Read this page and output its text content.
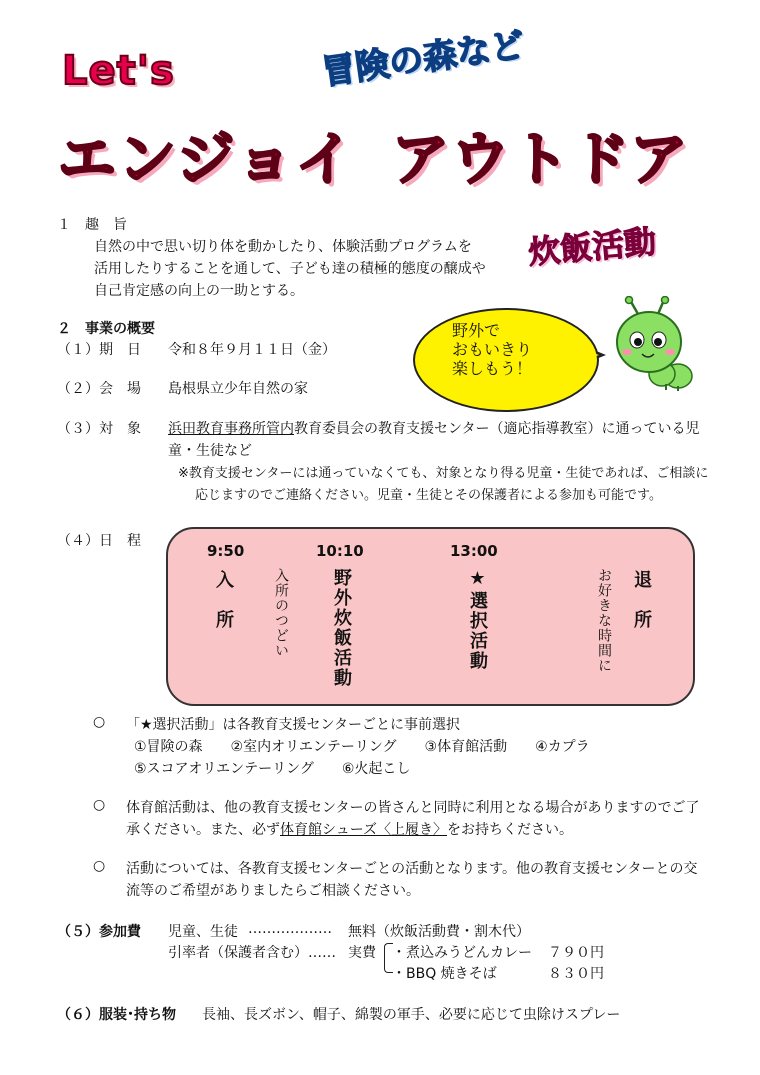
Let's	冒険の森など
エンジョイ アウトドア
炊飯活動
１　趣　旨
自然の中で思い切り体を動かしたり、体験活動プログラムを
活用したりすることを通して、子ども達の積極的態度の醸成や
自己肯定感の向上の一助とする。
野外で
おもいきり
楽しもう！
２　事業の概要
（１）期　日 令和８年９月１１日（金）
（２）会　場 島根県立少年自然の家
（３）対　象 浜田教育事務所管内教育委員会の教育支援センター（適応指導教室）に通っている児
童・生徒など
※教育支援センターには通っていなくても、対象となり得る児童・生徒であれば、ご相談に
応じますのでご連絡ください。児童・生徒とその保護者による参加も可能です。
（４）日　程
9:50	10:10	13:00
入　所	入所のつどい 野外炊飯活動	★選択活動	お好きな時間に 退　所
○ 「★選択活動」は各教育支援センターごとに事前選択
①冒険の森　　②室内オリエンテーリング　　③体育館活動　　④カプラ
⑤スコアオリエンテーリング　　⑥火起こし
○ 体育館活動は、他の教育支援センターの皆さんと同時に利用となる場合がありますのでご了
承ください。また、必ず体育館シューズ〈上履き〉をお持ちください。
○ 活動については、各教育支援センターごとの活動となります。他の教育支援センターとの交
流等のご希望がありましたらご相談ください。
（５）参加費 児童、生徒 ……………… 無料（炊飯活動費・割木代）
引率者（保護者含む）…… 実費 ・煮込みうどんカレー ７９０円
・BBQ 焼きそば	８３０円
（６）服装･持ち物 長袖、長ズボン、帽子、綿製の軍手、必要に応じて虫除けスプレー
